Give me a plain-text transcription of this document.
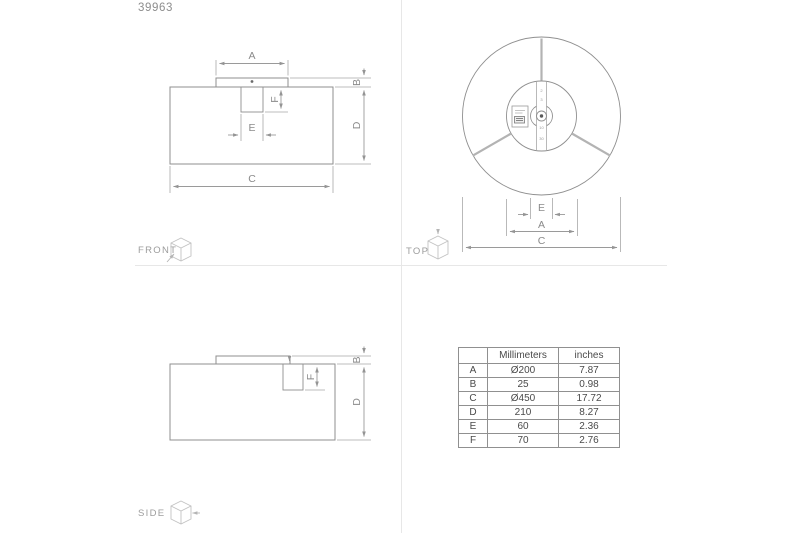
39963
A
B
D
F
E
C
2
3
10
30
E
A
C
B
D
F
FRONT	TOP
SIDE
	Millimeters	inches
A	Ø200	7.87
B	25	0.98
C	Ø450	17.72
D	210	8.27
E	60	2.36
F	70	2.76
